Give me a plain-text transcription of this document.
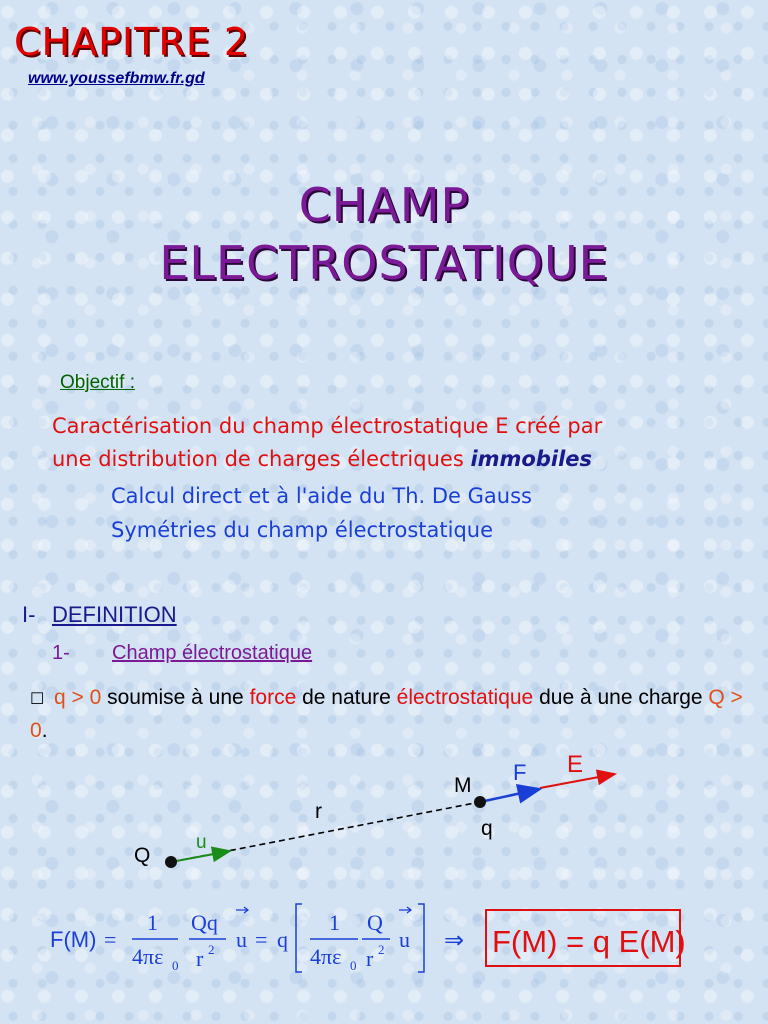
CHAPITRE 2
www.youssefbmw.fr.gd
CHAMP
ELECTROSTATIQUE
Objectif :
Caractérisation du champ électrostatique E créé par
une distribution de charges électriques immobiles
Calcul direct et à l'aide du Th. De Gauss
Symétries du champ électrostatique
I- DEFINITION
1- Champ électrostatique
☐ q > 0 soumise à une force de nature électrostatique due à une charge Q > 0.
Q
u
r
M
q
F E
F(M) =
1
4πε 0
Qq
r 2 u = q
1
4πε 0
Q
r 2 u ⇒ F(M) = q E(M)
